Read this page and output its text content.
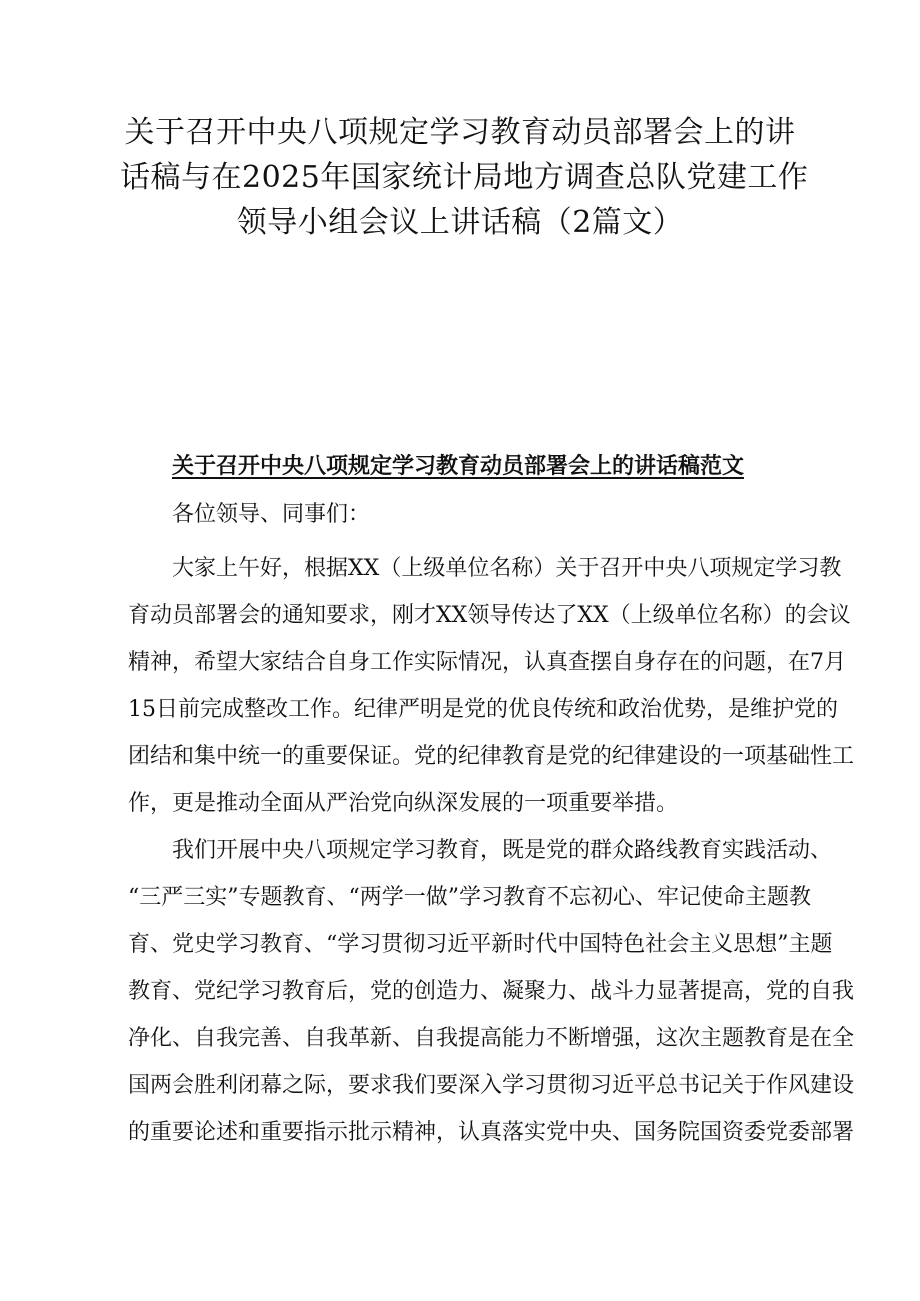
关于召开中央八项规定学习教育动员部署会上的讲
话稿与在2025年国家统计局地方调查总队党建工作
领导小组会议上讲话稿（2篇文）
关于召开中央八项规定学习教育动员部署会上的讲话稿范文

各位领导、同事们：

大家上午好，根据XX（上级单位名称）关于召开中央八项规定学习教
育动员部署会的通知要求，刚才XX领导传达了XX（上级单位名称）的会议
精神，希望大家结合自身工作实际情况，认真查摆自身存在的问题，在7月
15日前完成整改工作。纪律严明是党的优良传统和政治优势，是维护党的
团结和集中统一的重要保证。党的纪律教育是党的纪律建设的一项基础性工
作，更是推动全面从严治党向纵深发展的一项重要举措。
我们开展中央八项规定学习教育，既是党的群众路线教育实践活动、
“三严三实”专题教育、“两学一做”学习教育不忘初心、牢记使命主题教
育、党史学习教育、“学习贯彻习近平新时代中国特色社会主义思想”主题
教育、党纪学习教育后，党的创造力、凝聚力、战斗力显著提高，党的自我
净化、自我完善、自我革新、自我提高能力不断增强，这次主题教育是在全
国两会胜利闭幕之际，要求我们要深入学习贯彻习近平总书记关于作风建设
的重要论述和重要指示批示精神，认真落实党中央、国务院国资委党委部署
